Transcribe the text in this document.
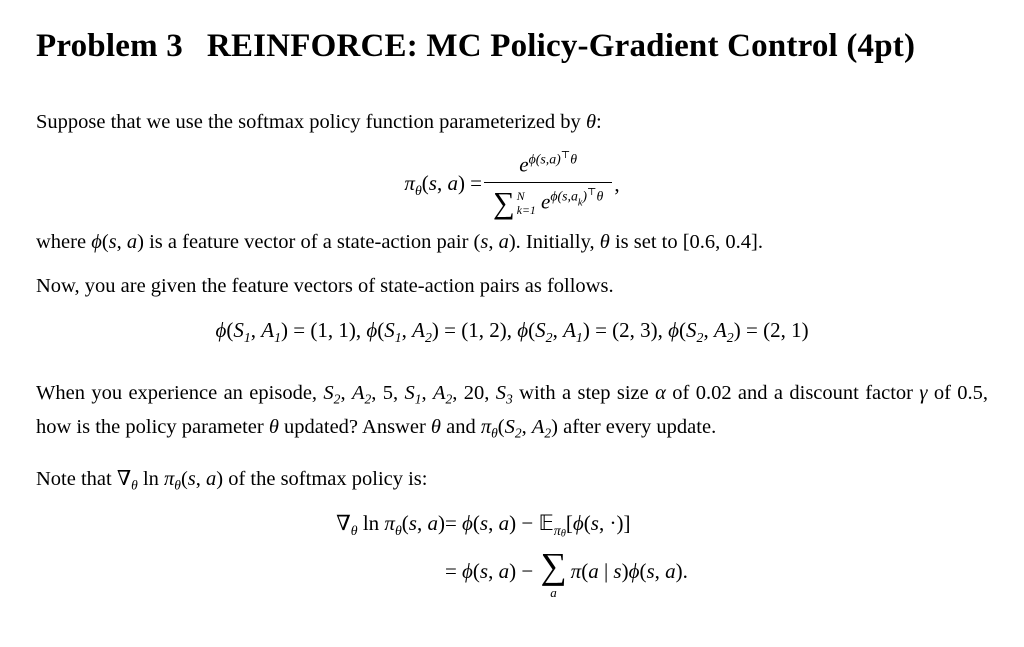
Problem 3 REINFORCE: MC Policy-Gradient Control (4pt)

Suppose that we use the softmax policy function parameterized by θ:

$\pi_\theta(s$, $a) = e^{\phi(s,a)⊤\theta}$
∑ N
k=1 $e^{\phi(s,a}k^{)⊤\theta}$ ,

where ϕ(s, a) is a feature vector of a state-action pair (s, a). Initially, θ is set to [0.6, 0.4].

Now, you are given the feature vectors of state-action pairs as follows.

$\phi(S_1$, $A_1) = (1$, 1), $\phi(S_1$, $A_2) = (1$, 2), $\phi(S_2$, $A_1) = (2$, 3), $\phi(S_2$, $A_2) = (2$, 1)

When you experience an episode, $S_2$, $A_2$, 5, $S_1$, $A_2$, 20, $S_3$ with a step size α of 0.02 and a discount factor γ of 0.5, how is the policy parameter θ updated? Answer θ and $\pi_\theta(S_2$, $A_2$) after every update.

Note that $\nabla_\theta$ $\ln \pi_\theta(s$, a) of the softmax policy is:

$\nabla_\theta$ $\ln \pi_\theta(s$, a) = ϕ(s, a) − 𝔼$_{\pi\theta}$[ϕ(s, ·)]
= ϕ(s, a) − ∑
a
π(a | s)ϕ(s, a).
